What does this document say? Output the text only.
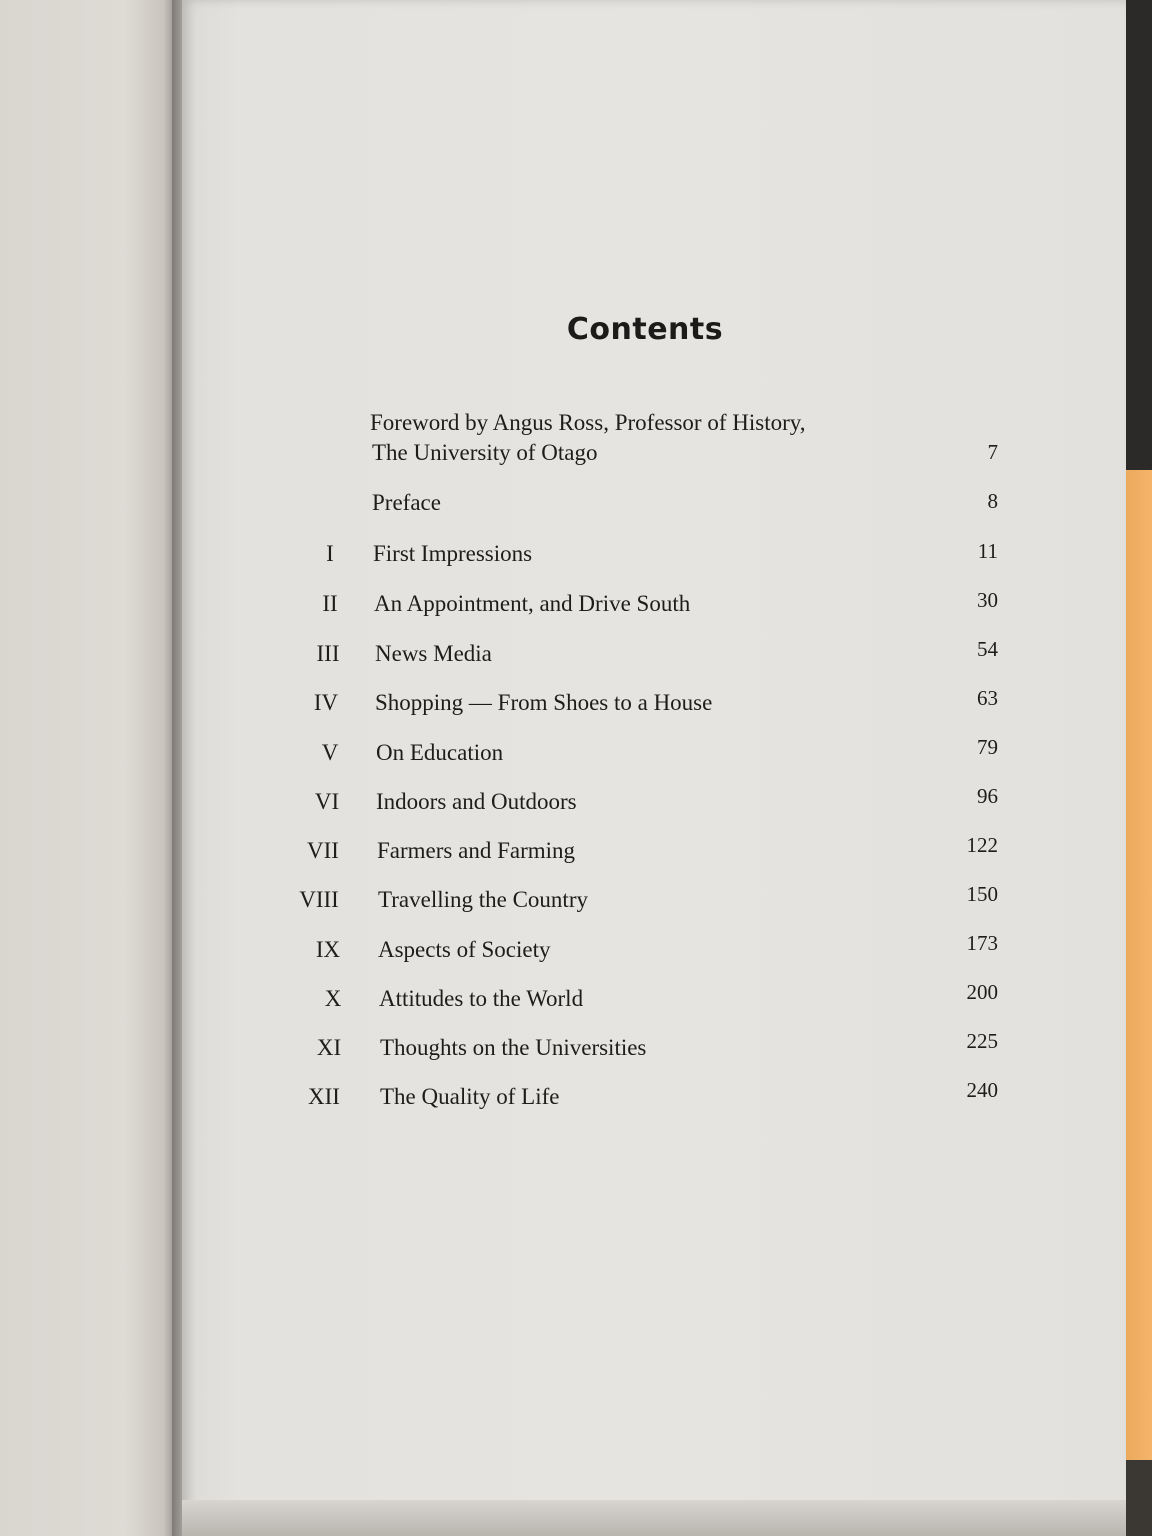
Contents
Foreword by Angus Ross, Professor of History,
The University of Otago	7
Preface	8
I	First Impressions	11
II	An Appointment, and Drive South	30
III	News Media	54
IV	Shopping — From Shoes to a House	63
V	On Education	79
VI	Indoors and Outdoors	96
VII	Farmers and Farming	122
VIII	Travelling the Country	150
IX	Aspects of Society	173
X	Attitudes to the World	200
XI	Thoughts on the Universities	225
XII	The Quality of Life	240
